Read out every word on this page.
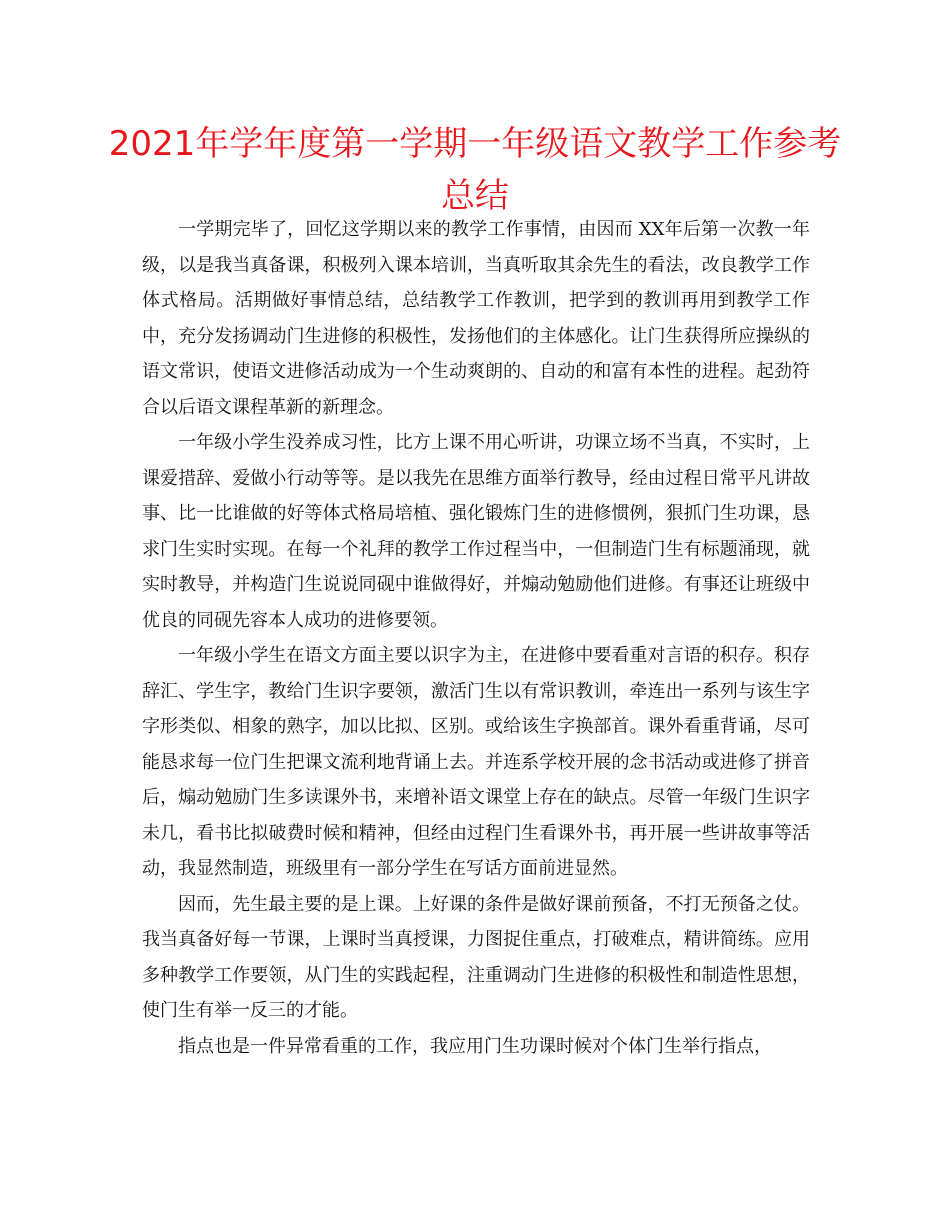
2021年学年度第一学期一年级语文教学工作参考总结

一学期完毕了，回忆这学期以来的教学工作事情，由因而 XX年后第一次教一年级，以是我当真备课，积极列入课本培训，当真听取其余先生的看法，改良教学工作体式格局。活期做好事情总结，总结教学工作教训，把学到的教训再用到教学工作中，充分发扬调动门生进修的积极性，发扬他们的主体感化。让门生获得所应操纵的语文常识，使语文进修活动成为一个生动爽朗的、自动的和富有本性的进程。起劲符合以后语文课程革新的新理念。

一年级小学生没养成习性，比方上课不用心听讲，功课立场不当真，不实时，上课爱措辞、爱做小行动等等。是以我先在思维方面举行教导，经由过程日常平凡讲故事、比一比谁做的好等体式格局培植、强化锻炼门生的进修惯例，狠抓门生功课，恳求门生实时实现。在每一个礼拜的教学工作过程当中，一但制造门生有标题涌现，就实时教导，并构造门生说说同砚中谁做得好，并煽动勉励他们进修。有事还让班级中优良的同砚先容本人成功的进修要领。

一年级小学生在语文方面主要以识字为主，在进修中要看重对言语的积存。积存辞汇、学生字，教给门生识字要领，激活门生以有常识教训，牵连出一系列与该生字字形类似、相象的熟字，加以比拟、区别。或给该生字换部首。课外看重背诵，尽可能恳求每一位门生把课文流利地背诵上去。并连系学校开展的念书活动或进修了拼音后，煽动勉励门生多读课外书，来增补语文课堂上存在的缺点。尽管一年级门生识字未几，看书比拟破费时候和精神，但经由过程门生看课外书，再开展一些讲故事等活动，我显然制造，班级里有一部分学生在写话方面前进显然。

因而，先生最主要的是上课。上好课的条件是做好课前预备，不打无预备之仗。我当真备好每一节课，上课时当真授课，力图捉住重点，打破难点，精讲简练。应用多种教学工作要领，从门生的实践起程，注重调动门生进修的积极性和制造性思想，使门生有举一反三的才能。

指点也是一件异常看重的工作，我应用门生功课时候对个体门生举行指点，
